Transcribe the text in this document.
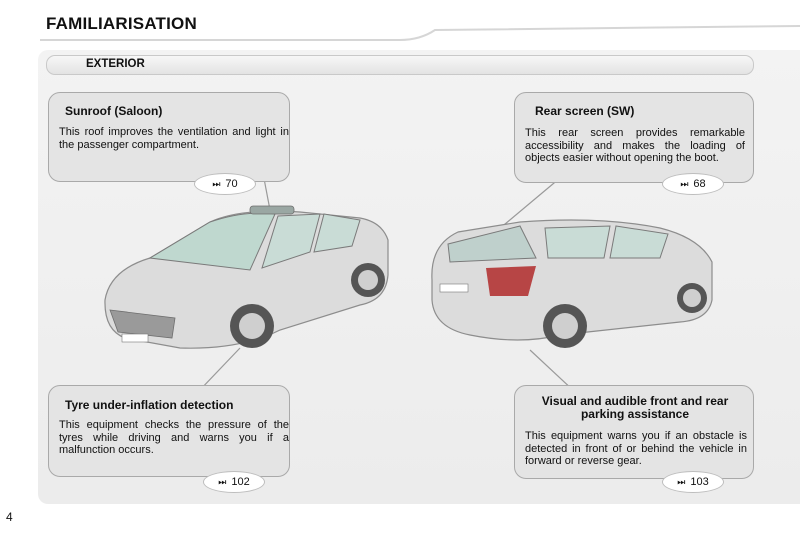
FAMILIARISATION
EXTERIOR
Sunroof (Saloon)

This roof improves the ventilation and light in the passenger compartment.

⏭ 70
Rear screen (SW)

This rear screen provides remarkable accessibility and makes the loading of objects easier without opening the boot.

⏭ 68
Tyre under-inflation detection

This equipment checks the pressure of the tyres while driving and warns you if a malfunction occurs.

⏭ 102
Visual and audible front and rear parking assistance

This equipment warns you if an obstacle is detected in front of or behind the vehicle in forward or reverse gear.

⏭ 103
4
